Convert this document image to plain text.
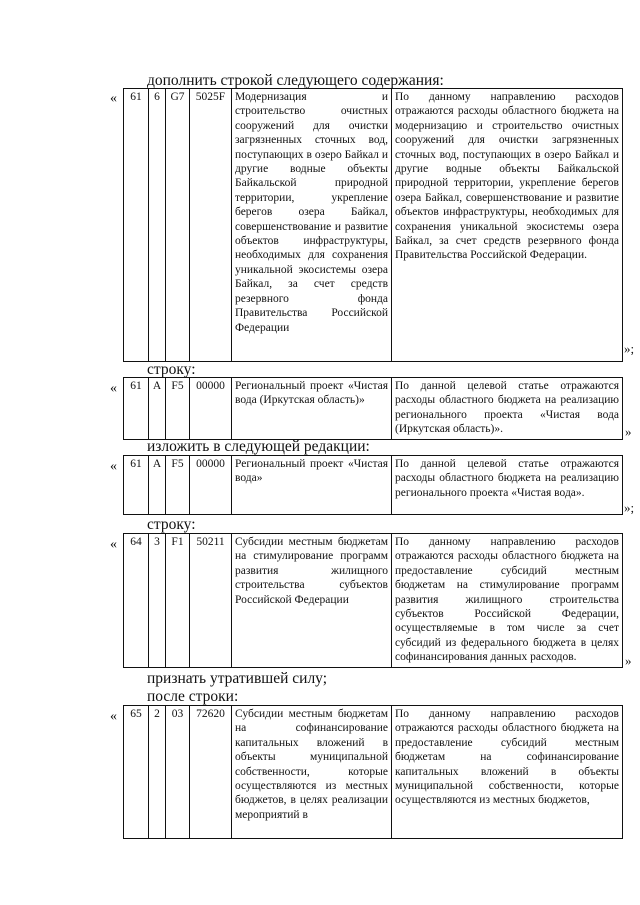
дополнить строкой следующего содержания:
« 61	6	G7	5025F	Модернизация и строительство очистных сооружений для очистки загрязненных сточных вод, поступающих в озеро Байкал и другие водные объекты Байкальской природной территории, укрепление берегов озера Байкал, совершенствование и развитие объектов инфраструктуры, необходимых для сохранения уникальной экосистемы озера Байкал, за счет средств резервного фонда Правительства Российской Федерации	По данному направлению расходов отражаются расходы областного бюджета на модернизацию и строительство очистных сооружений для очистки загрязненных сточных вод, поступающих в озеро Байкал и другие водные объекты Байкальской природной территории, укрепление берегов озера Байкал, совершенствование и развитие объектов инфраструктуры, необходимых для сохранения уникальной экосистемы озера Байкал, за счет средств резервного фонда Правительства Российской Федерации.
»;
строку:
« 61	A	F5	00000	Региональный проект «Чистая вода (Иркутская область)»	По данной целевой статье отражаются расходы областного бюджета на реализацию регионального проекта «Чистая вода (Иркутская область)».	»
изложить в следующей редакции:
« 61	A	F5	00000	Региональный проект «Чистая вода»	По данной целевой статье отражаются расходы областного бюджета на реализацию регионального проекта «Чистая вода».
»;
строку:
« 64	3	F1	50211	Субсидии местным бюджетам на стимулирование программ развития жилищного строительства субъектов Российской Федерации	По данному направлению расходов отражаются расходы областного бюджета на предоставление субсидий местным бюджетам на стимулирование программ развития жилищного строительства субъектов Российской Федерации, осуществляемые в том числе за счет субсидий из федерального бюджета в целях софинансирования данных расходов.	»
признать утратившей силу;
после строки:
« 65	2	03	72620	Субсидии местным бюджетам на софинансирование капитальных вложений в объекты муниципальной собственности, которые осуществляются из местных бюджетов, в целях реализации мероприятий в	По данному направлению расходов отражаются расходы областного бюджета на предоставление субсидий местным бюджетам на софинансирование капитальных вложений в объекты муниципальной собственности, которые осуществляются из местных бюджетов,
